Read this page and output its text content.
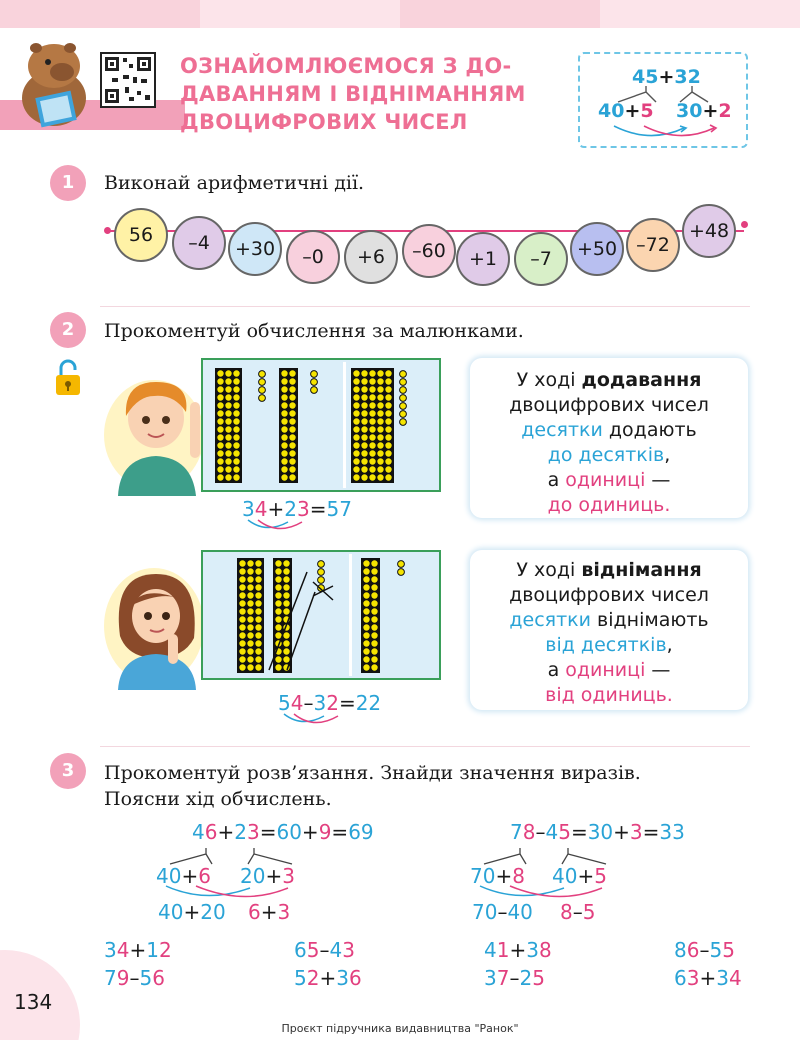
ОЗНАЙОМЛЮЄМОСЯ З ДО-
ДАВАННЯМ І ВІДНІМАННЯМ
ДВОЦИФРОВИХ ЧИСЕЛ
45+32
40+5 30+2
1	Виконай арифметичні дії.
56	–4	+30	–0	+6	–60	+1	–7	+50	–72
+48
2	Прокоментуй обчислення за малюнками.
34+23=57
У ході додавання
двоцифрових чисел
десятки додають
до десятків,
а одиниці —
до одиниць.
54–32=22
У ході віднімання
двоцифрових чисел
десятки віднімають
від десятків,
а одиниці —
від одиниць.
3	Прокоментуй розв’язання. Знайди значення виразів.
Поясни хід обчислень.
46+23=60+9=69
40+6 20+3
40+20 6+3
78–45=30+3=33
70+8 40+5
70–40 8–5
34+12	65–43	41+38	86–55
79–56	52+36	37–25	63+34
134
Проєкт підручника видавництва "Ранок"
